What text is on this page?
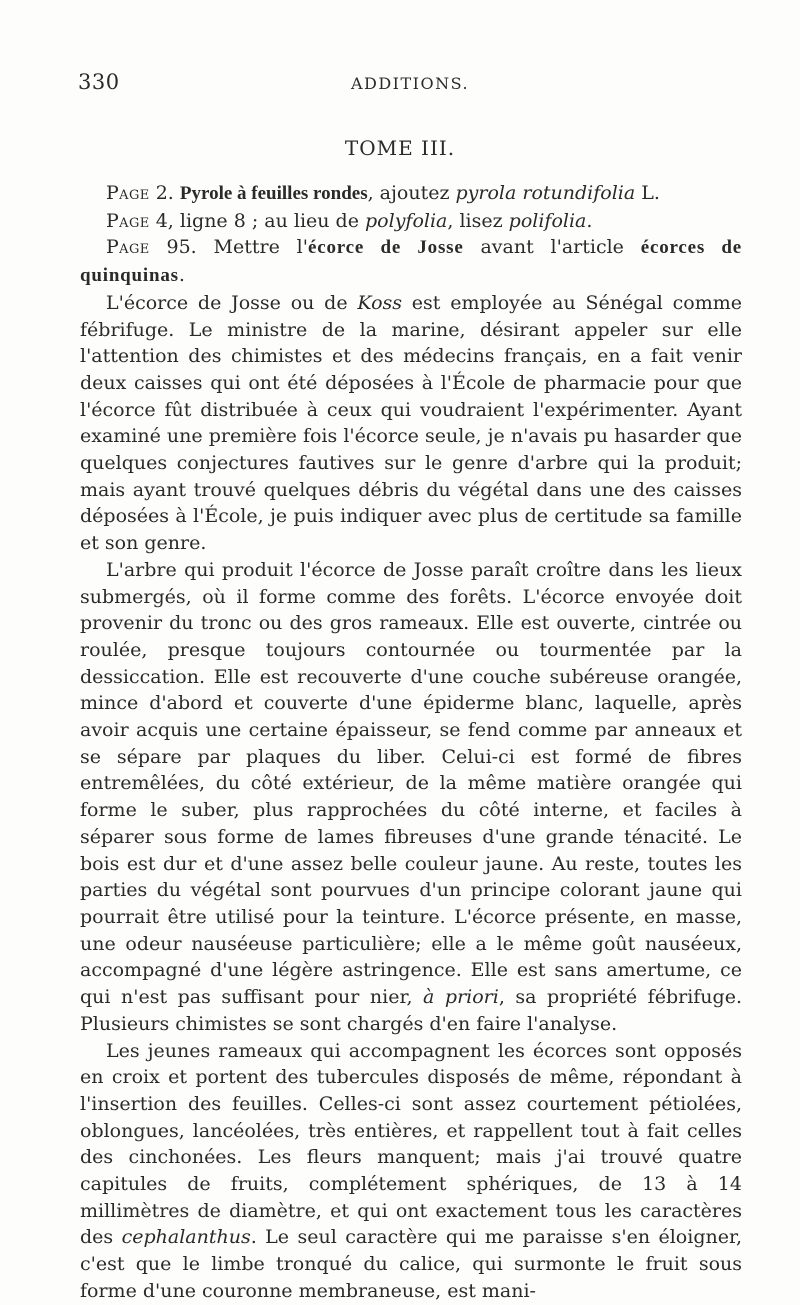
330	ADDITIONS.
TOME III.

Page 2. Pyrole à feuilles rondes, ajoutez pyrola rotundifolia L.

Page 4, ligne 8 ; au lieu de polyfolia, lisez polifolia.

Page 95. Mettre l'écorce de Josse avant l'article écorces de quinquinas.

L'écorce de Josse ou de Koss est employée au Sénégal comme fébrifuge. Le ministre de la marine, désirant appeler sur elle l'attention des chimistes et des médecins français, en a fait venir deux caisses qui ont été déposées à l'École de pharmacie pour que l'écorce fût distribuée à ceux qui voudraient l'expérimenter. Ayant examiné une première fois l'écorce seule, je n'avais pu hasarder que quelques conjectures fautives sur le genre d'arbre qui la produit; mais ayant trouvé quelques débris du végétal dans une des caisses déposées à l'École, je puis indiquer avec plus de certitude sa famille et son genre.

L'arbre qui produit l'écorce de Josse paraît croître dans les lieux submergés, où il forme comme des forêts. L'écorce envoyée doit provenir du tronc ou des gros rameaux. Elle est ouverte, cintrée ou roulée, presque toujours contournée ou tourmentée par la dessiccation. Elle est recouverte d'une couche subéreuse orangée, mince d'abord et couverte d'une épiderme blanc, laquelle, après avoir acquis une certaine épaisseur, se fend comme par anneaux et se sépare par plaques du liber. Celui-ci est formé de fibres entremêlées, du côté extérieur, de la même matière orangée qui forme le suber, plus rapprochées du côté interne, et faciles à séparer sous forme de lames fibreuses d'une grande ténacité. Le bois est dur et d'une assez belle couleur jaune. Au reste, toutes les parties du végétal sont pourvues d'un principe colorant jaune qui pourrait être utilisé pour la teinture. L'écorce présente, en masse, une odeur nauséeuse particulière; elle a le même goût nauséeux, accompagné d'une légère astringence. Elle est sans amertume, ce qui n'est pas suffisant pour nier, à priori, sa propriété fébrifuge. Plusieurs chimistes se sont chargés d'en faire l'analyse.

Les jeunes rameaux qui accompagnent les écorces sont opposés en croix et portent des tubercules disposés de même, répondant à l'insertion des feuilles. Celles-ci sont assez courtement pétiolées, oblongues, lancéolées, très entières, et rappellent tout à fait celles des cinchonées. Les fleurs manquent; mais j'ai trouvé quatre capitules de fruits, complétement sphériques, de 13 à 14 millimètres de diamètre, et qui ont exactement tous les caractères des cephalanthus. Le seul caractère qui me paraisse s'en éloigner, c'est que le limbe tronqué du calice, qui surmonte le fruit sous forme d'une couronne membraneuse, est mani-
